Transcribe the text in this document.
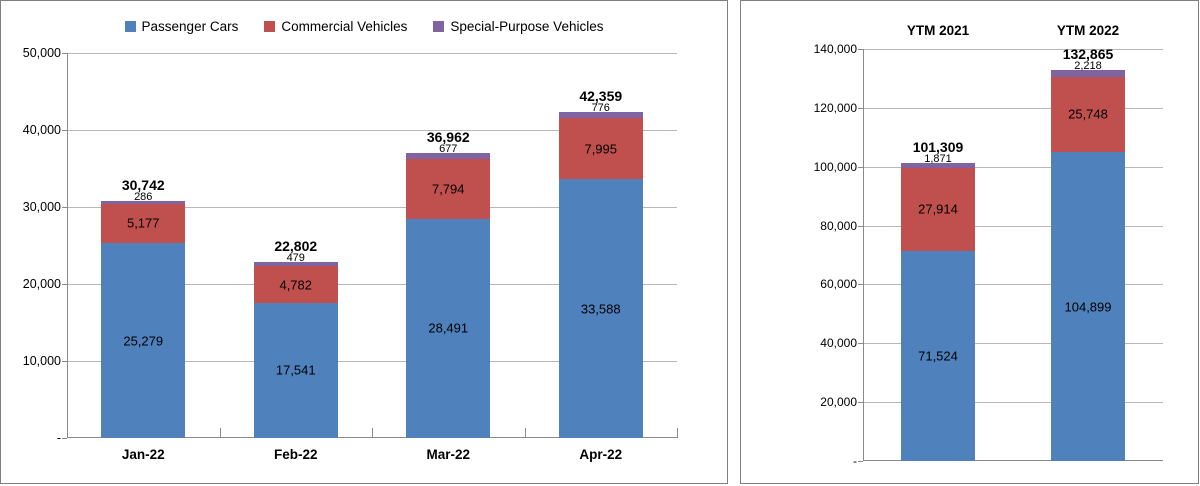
Passenger Cars	Commercial Vehicles	Special-Purpose Vehicles
286
5,177
25,279
30,742
Jan-22
479
4,782
17,541
22,802
Feb-22
677
7,794
28,491
36,962
Mar-22
776
7,995
33,588
42,359
Apr-22
-
10,000
20,000
30,000
40,000
50,000
1,871
27,914
71,524
101,309
2,218
25,748
104,899
132,865
-
20,000
40,000
60,000
80,000
100,000
120,000
140,000
YTM 2021	YTM 2022
